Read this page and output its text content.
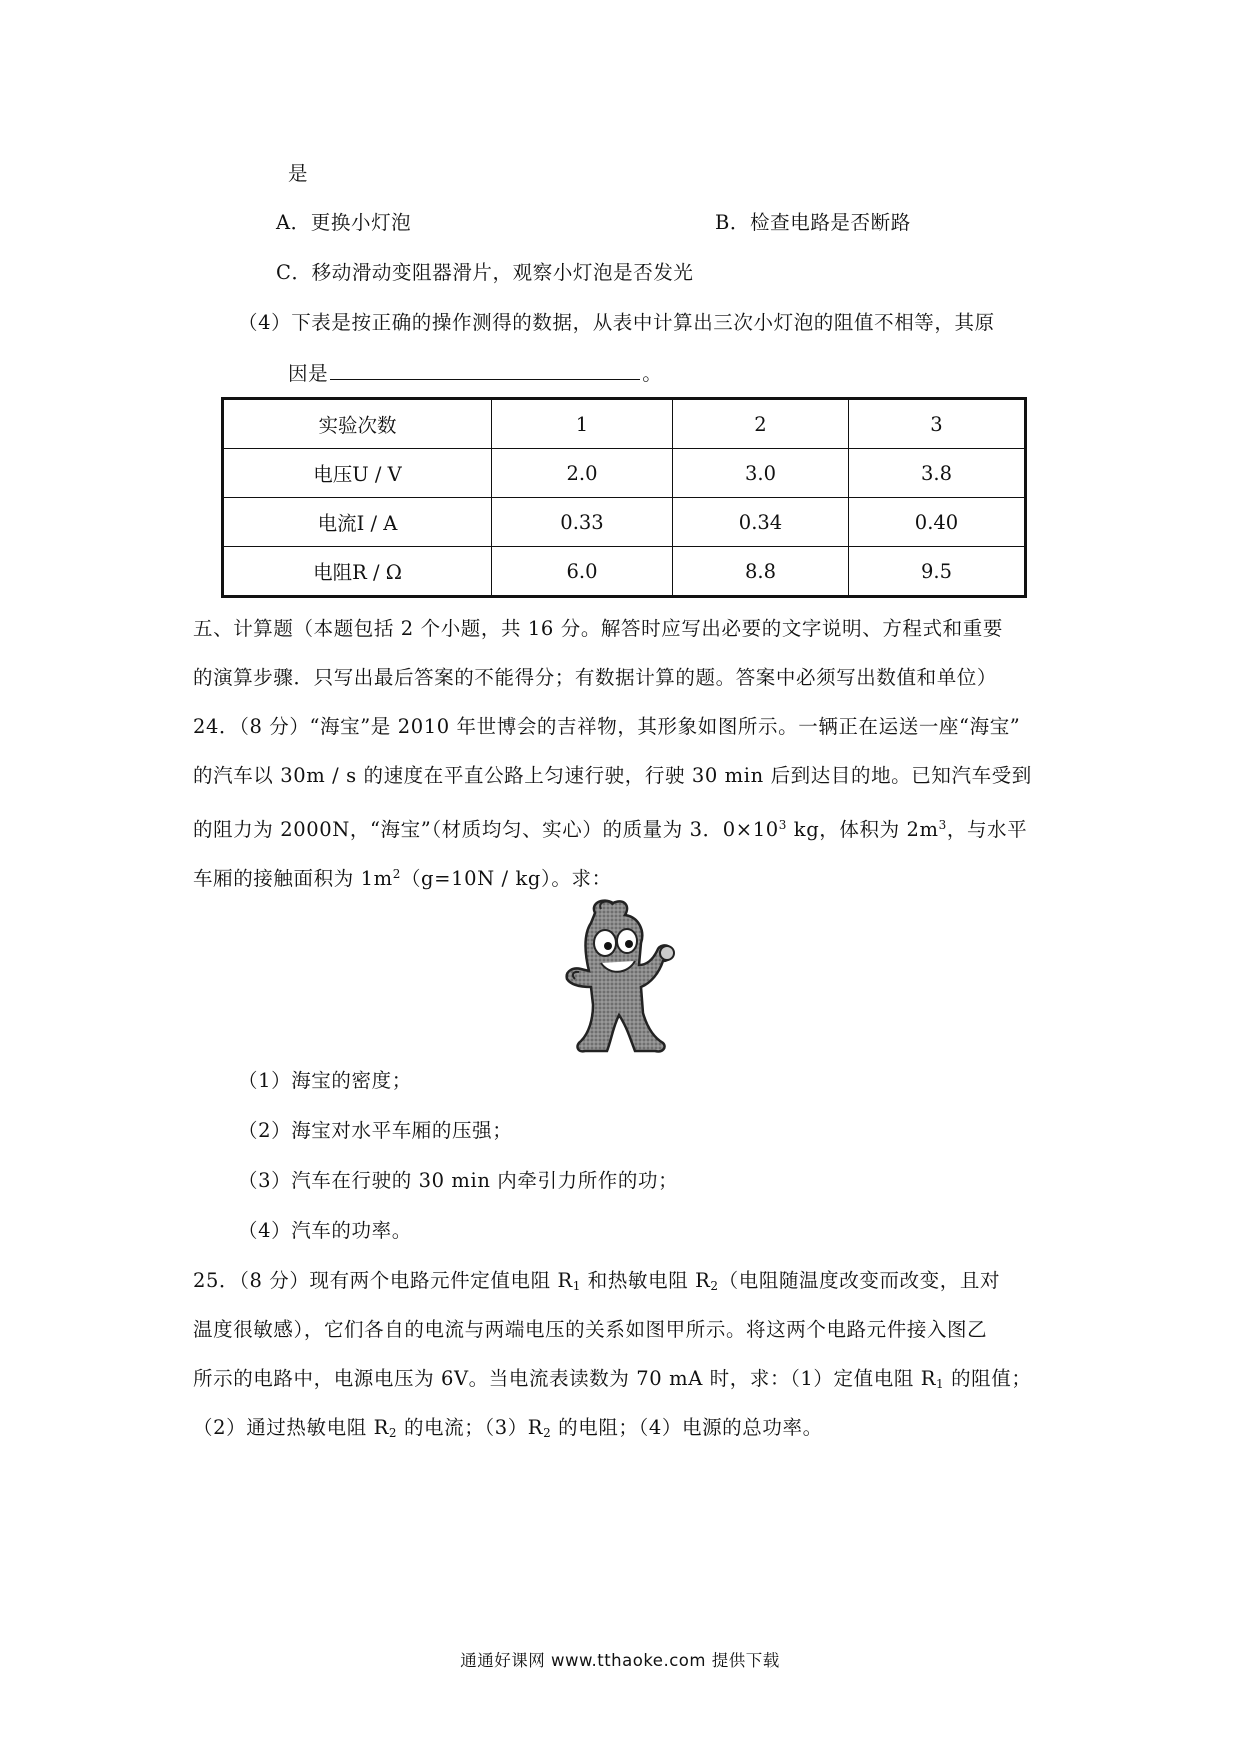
是
A．更换小灯泡	B．检查电路是否断路
C．移动滑动变阻器滑片，观察小灯泡是否发光
（4）下表是按正确的操作测得的数据，从表中计算出三次小灯泡的阻值不相等，其原
因是	。
实验次数	1	2	3
电压U / V	2.0	3.0	3.8
电流I / A	0.33	0.34	0.40
电阻R / Ω	6.0	8.8	9.5
五、计算题（本题包括 2 个小题，共 16 分。解答时应写出必要的文字说明、方程式和重要
的演算步骤．只写出最后答案的不能得分；有数据计算的题。答案中必须写出数值和单位）
24．（8 分）“海宝”是 2010 年世博会的吉祥物，其形象如图所示。一辆正在运送一座“海宝”
的汽车以 30m / s 的速度在平直公路上匀速行驶，行驶 30 min 后到达目的地。已知汽车受到
的阻力为 2000N，“海宝”（材质均匀、实心）的质量为 3．$0\times 10^3$ kg，体积为 $2m^3$，与水平
车厢的接触面积为 $1m^2(g=10N / kg)$。求：
（1）海宝的密度；
（2）海宝对水平车厢的压强；
（3）汽车在行驶的 30 min 内牵引力所作的功；
（4）汽车的功率。
25．（8 分）现有两个电路元件定值电阻 $R_1$ 和热敏电阻 $R_2$（电阻随温度改变而改变，且对
温度很敏感），它们各自的电流与两端电压的关系如图甲所示。将这两个电路元件接入图乙
所示的电路中，电源电压为 6V。当电流表读数为 70 mA 时，求：（1）定值电阻 $R_1$ 的阻值；
（2）通过热敏电阻 $R_2$ 的电流；$(3)R_2$ 的电阻；（4）电源的总功率。
通通好课网 www.tthaoke.com 提供下载
